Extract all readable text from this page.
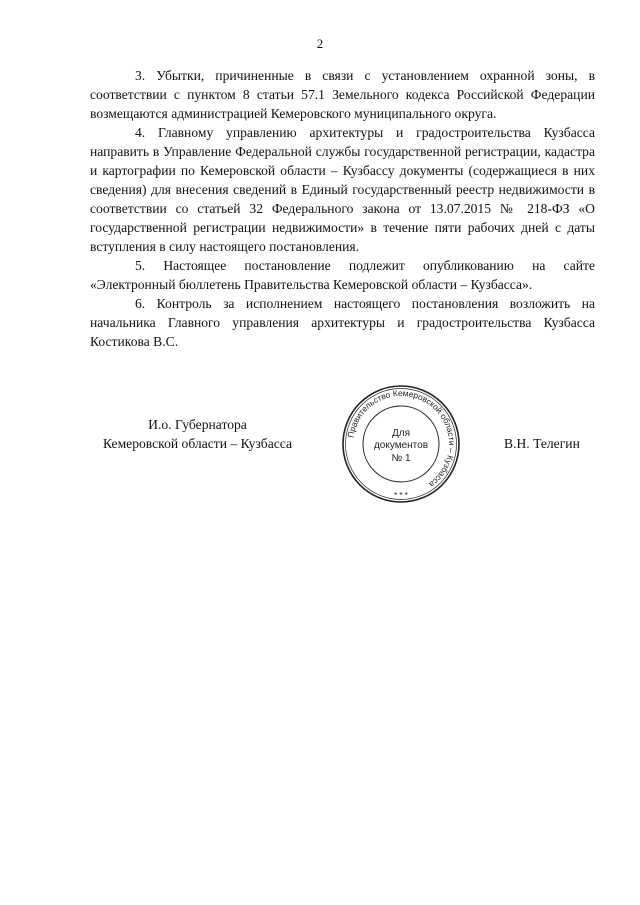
2

3. Убытки, причиненные в связи с установлением охранной зоны, в соответствии с пунктом 8 статьи 57.1 Земельного кодекса Российской Федерации возмещаются администрацией Кемеровского муниципального округа.

4. Главному управлению архитектуры и градостроительства Кузбасса направить в Управление Федеральной службы государственной регистрации, кадастра и картографии по Кемеровской области – Кузбассу документы (содержащиеся в них сведения) для внесения сведений в Единый государственный реестр недвижимости в соответствии со статьей 32 Федерального закона от 13.07.2015 № 218-ФЗ «О государственной регистрации недвижимости» в течение пяти рабочих дней с даты вступления в силу настоящего постановления.

5. Настоящее постановление подлежит опубликованию на сайте «Электронный бюллетень Правительства Кемеровской области – Кузбасса».

6. Контроль за исполнением настоящего постановления возложить на начальника Главного управления архитектуры и градостроительства Кузбасса Костикова В.С.

И.о. Губернатора
Кемеровской области – Кузбасса
Правительство Кемеровской области – Кузбасса
* * *
Для
документов
№ 1
В.Н. Телегин
